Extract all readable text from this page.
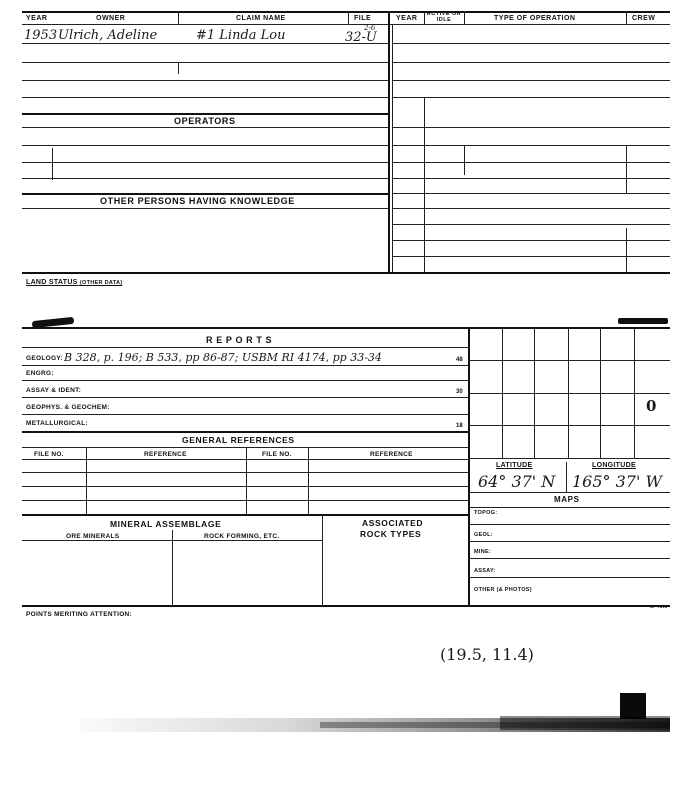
YEAR	OWNER	CLAIM NAME	FILE	YEAR
ACTIVE OR IDLE	TYPE OF OPERATION	CREW
1953 Ulrich, Adeline	#1 Linda Lou	2-6
32-U
OPERATORS
OTHER PERSONS HAVING KNOWLEDGE
LAND STATUS (OTHER DATA)
R E P O R T S
GEOLOGY: B 328, p. 196; B 533, pp 86-87; USBM RI 4174, pp 33-34	48
ENGRG:
ASSAY & IDENT:	30
GEOPHYS. & GEOCHEM:
METALLURGICAL:	18
GENERAL REFERENCES
FILE NO.	REFERENCE	FILE NO.	REFERENCE
MINERAL ASSEMBLAGE
ORE MINERALS	ROCK FORMING, ETC.
ASSOCIATED
ROCK TYPES
0
LATITUDE	LONGITUDE
64° 37' N 165° 37' W
MAPS
TOPOG:
GEOL:
MINE:
ASSAY:
OTHER (& PHOTOS)
POINTS MERITING ATTENTION:
BF 7818
(19.5, 11.4)
